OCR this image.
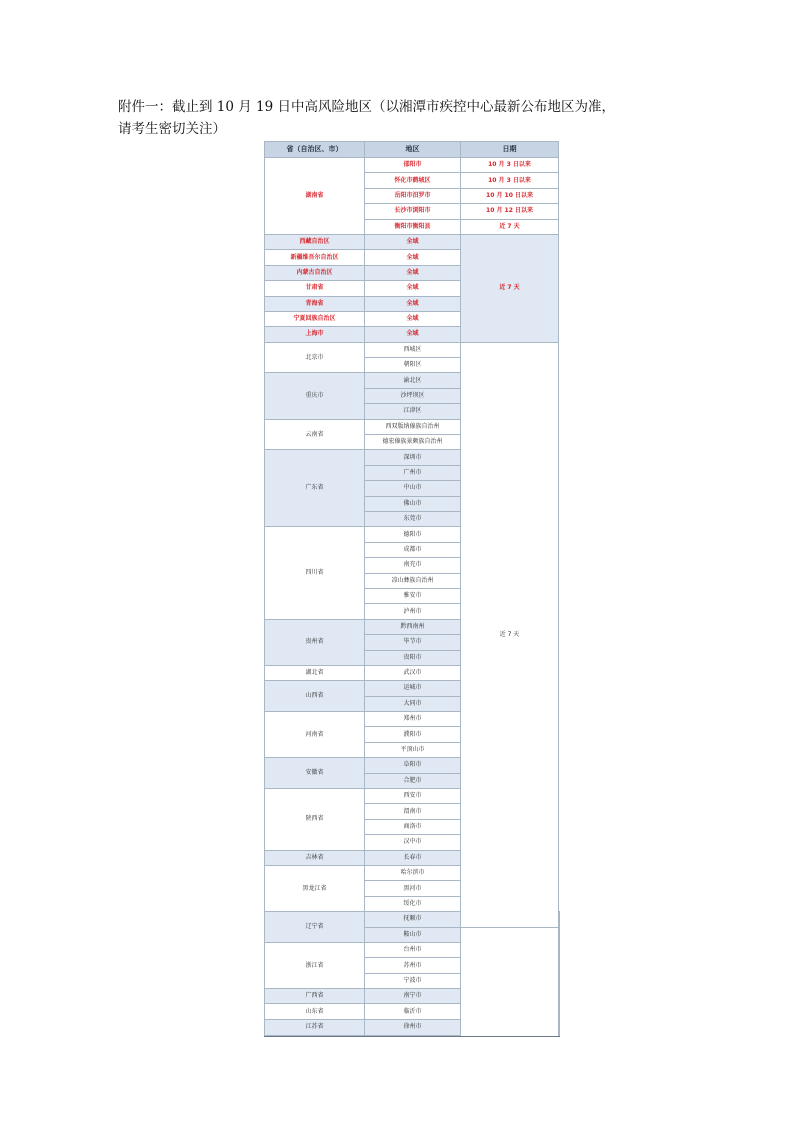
附件一：截止到 10 月 19 日中高风险地区（以湘潭市疾控中心最新公布地区为准，
请考生密切关注）
省（自治区、市）	地区	日期	
湖南省	邵阳市	10 月 3 日以来	
	怀化市鹤城区	10 月 3 日以来	
	岳阳市汨罗市	10 月 10 日以来	
	长沙市浏阳市	10 月 12 日以来	
	衡阳市衡阳县	近 7 天	
西藏自治区	全域	近 7 天	
新疆维吾尔自治区	全域		
内蒙古自治区	全域		
甘肃省	全域		
青海省	全域		
宁夏回族自治区	全域		
上海市	全域		
北京市	西城区	近 7 天	
	朝阳区		
重庆市	渝北区		
	沙坪坝区		
	江津区		
云南省	西双版纳傣族自治州		
	德宏傣族景颇族自治州		
广东省	深圳市		
	广州市		
	中山市		
	佛山市		
	东莞市		
四川省	德阳市		
	成都市		
	南充市		
	凉山彝族自治州		
	雅安市		
	泸州市		
贵州省	黔西南州		
	毕节市		
	贵阳市		
湖北省	武汉市		
山西省	运城市		
	大同市		
河南省	郑州市		
	濮阳市		
	平顶山市		
安徽省	阜阳市		
	合肥市		
陕西省	西安市		
	渭南市		
	商洛市		
	汉中市		
吉林省	长春市		
黑龙江省	哈尔滨市		
	黑河市		
	绥化市		
辽宁省	抚顺市	
	鞍山市		
浙江省	台州市		
	苏州市		
	宁波市		
广西省	南宁市		
山东省	临沂市		
江苏省	徐州市		
